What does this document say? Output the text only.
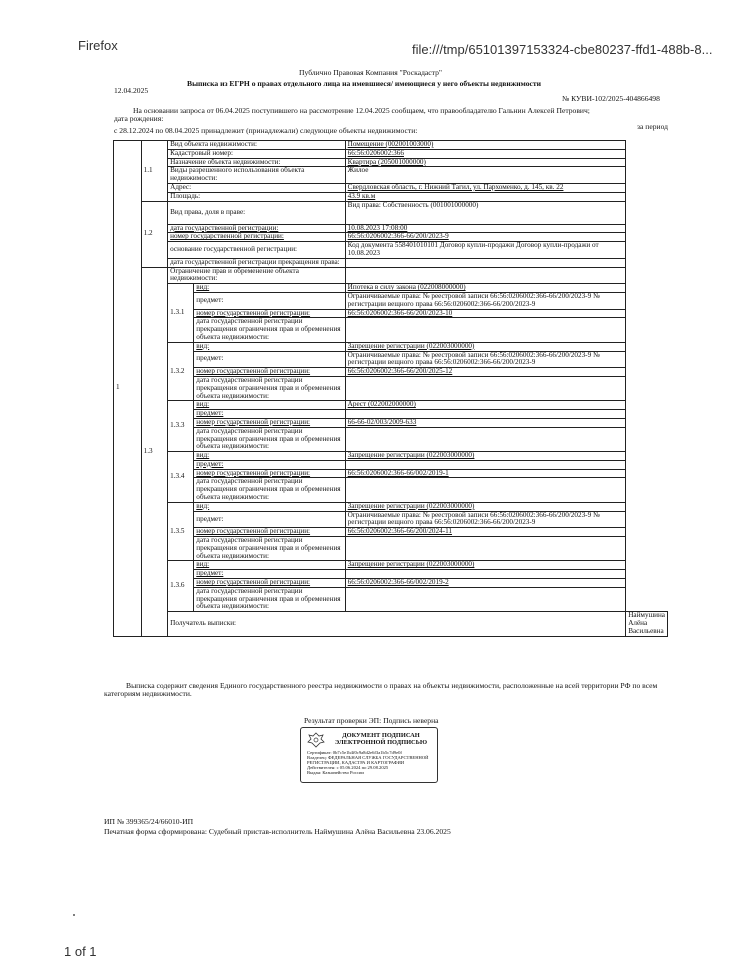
Firefox	file:///tmp/65101397153324-cbe80237-ffd1-488b-8...
Публично Правовая Компания "Роскадастр"
12.04.2025
Выписка из ЕГРН о правах отдельного лица на имевшиеся/ имеющиеся у него объекты недвижимости
№ КУВИ-102/2025-404866498
На основании запроса от 06.04.2025 поступившего на рассмотрение 12.04.2025 сообщаем, что правообладателю Гальнин Алексей Петрович;
дата рождения:
за период
с 28.12.2024 по 08.04.2025 принадлежит (принадлежали) следующие объекты недвижимости:
1	1.1	Вид объекта недвижимости:		Помещение (002001003000)	
		Кадастровый номер:		66:56:0206002:366	
		Назначение объекта недвижимости:		Квартира (205001000000)	
		Виды разрешенного использования объекта недвижимости:		Жилое	
		Адрес:		Свердловская область, г. Нижний Тагил, ул. Пархоменко, д. 145, кв. 22	
		Площадь:		43.9 кв.м	
	1.2	Вид права, доля в праве:		Вид права: Собственность (001001000000)	
		дата государственной регистрации:		10.08.2023 17:08:00	
		номер государственной регистрации:		66:56:0206002:366-66/200/2023-9	
		основание государственной регистрации:		Код документа 558401010101 Договор купли-продажи Договор купли-продажи от 10.08.2023	
		дата государственной регистрации прекращения права:			
	1.3	Ограничение прав и обременение объекта недвижимости:			
		1.3.1	вид:	Ипотека в силу закона (022008000000)	
			предмет:	Ограничиваемые права: № реестровой записи 66:56:0206002:366-66/200/2023-9 № регистрации вещного права 66:56:0206002:366-66/200/2023-9	
			номер государственной регистрации:	66:56:0206002:366-66/200/2023-10	
			дата государственной регистрации прекращения ограничения прав и обременения объекта недвижимости:		
		1.3.2	вид:	Запрещение регистрации (022003000000)	
			предмет:	Ограничиваемые права: № реестровой записи 66:56:0206002:366-66/200/2023-9 № регистрации вещного права 66:56:0206002:366-66/200/2023-9	
			номер государственной регистрации:	66:56:0206002:366-66/200/2025-12	
			дата государственной регистрации прекращения ограничения прав и обременения объекта недвижимости:		
		1.3.3	вид:	Арест (022002000000)	
			предмет:		
			номер государственной регистрации:	66-66-02/003/2009-633	
			дата государственной регистрации прекращения ограничения прав и обременения объекта недвижимости:		
		1.3.4	вид:	Запрещение регистрации (022003000000)	
			предмет:		
			номер государственной регистрации:	66:56:0206002:366-66/002/2019-1	
			дата государственной регистрации прекращения ограничения прав и обременения объекта недвижимости:		
		1.3.5	вид:	Запрещение регистрации (022003000000)	
			предмет:	Ограничиваемые права: № реестровой записи 66:56:0206002:366-66/200/2023-9 № регистрации вещного права 66:56:0206002:366-66/200/2023-9	
			номер государственной регистрации:	66:56:0206002:366-66/200/2024-11	
			дата государственной регистрации прекращения ограничения прав и обременения объекта недвижимости:		
		1.3.6	вид:	Запрещение регистрации (022003000000)	
			предмет:		
			номер государственной регистрации:	66:56:0206002:366-66/002/2019-2	
			дата государственной регистрации прекращения ограничения прав и обременения объекта недвижимости:		
		Получатель выписки:			Наймушина Алёна Васильевна
Выписка содержит сведения Единого государственного реестра недвижимости о правах на объекты недвижимости, расположенные на всей территории РФ по всем категориям недвижимости.
Результат проверки ЭП: Подпись неверна
ДОКУМЕНТ ПОДПИСАН ЭЛЕКТРОННОЙ ПОДПИСЬЮ
Сертификат: 0b7c5e1b4f0c9a8d2e6f3a1b5c7d9e0f
Владелец: ФЕДЕРАЛЬНАЯ СЛУЖБА ГОСУДАРСТВЕННОЙ
РЕГИСТРАЦИИ, КАДАСТРА И КАРТОГРАФИИ
Действителен: с 05.06.2024 по 29.08.2025
Выдан: Казначейство России
ИП № 399365/24/66010-ИП
Печатная форма сформирована: Судебный пристав-исполнитель Наймушина Алёна Васильевна 23.06.2025
1 of 1
